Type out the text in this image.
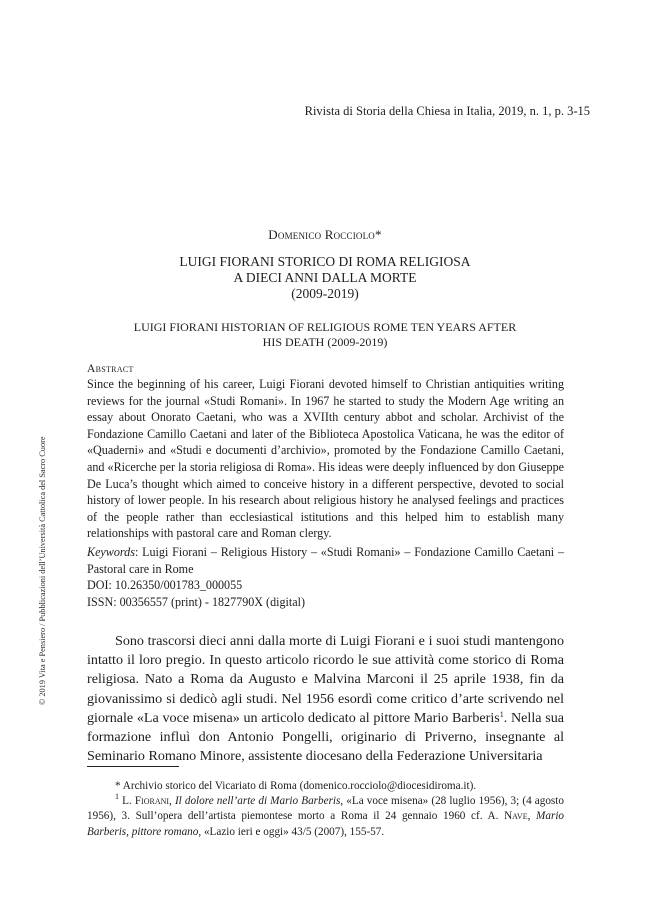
Rivista di Storia della Chiesa in Italia, 2019, n. 1, p. 3-15
Domenico Rocciolo*
LUIGI FIORANI STORICO DI ROMA RELIGIOSA
A DIECI ANNI DALLA MORTE
(2009-2019)
LUIGI FIORANI HISTORIAN OF RELIGIOUS ROME TEN YEARS AFTER
HIS DEATH (2009-2019)
Abstract
Since the beginning of his career, Luigi Fiorani devoted himself to Christian antiquities writing reviews for the journal «Studi Romani». In 1967 he started to study the Modern Age writing an essay about Onorato Caetani, who was a XVIIth century abbot and scholar. Archivist of the Fondazione Camillo Caetani and later of the Biblioteca Apostolica Vaticana, he was the editor of «Quaderni» and «Studi e documenti d’archivio», promoted by the Fondazione Camillo Caetani, and «Ricerche per la storia religiosa di Roma». His ideas were deeply influenced by don Giuseppe De Luca’s thought which aimed to conceive history in a different perspective, devoted to social history of lower people. In his research about religious history he analysed feelings and practices of the people rather than ecclesiastical istitutions and this helped him to establish many relationships with pastoral care and Roman clergy.
Keywords: Luigi Fiorani – Religious History – «Studi Romani» – Fondazione Camillo Caetani – Pastoral care in Rome
DOI: 10.26350/001783_000055
ISSN: 00356557 (print) - 1827790X (digital)
Sono trascorsi dieci anni dalla morte di Luigi Fiorani e i suoi studi mantengono intatto il loro pregio. In questo articolo ricordo le sue attività come storico di Roma religiosa. Nato a Roma da Augusto e Malvina Marconi il 25 aprile 1938, fin da giovanissimo si dedicò agli studi. Nel 1956 esordì come critico d’arte scrivendo nel giornale «La voce misena» un articolo dedicato al pittore Mario Barberis$^1$. Nella sua formazione influì don Antonio Pongelli, originario di Priverno, insegnante al Seminario Romano Minore, assistente diocesano della Federazione Universitaria

* Archivio storico del Vicariato di Roma (domenico.rocciolo@diocesidiroma.it).

$^1$ L. Fiorani, Il dolore nell’arte di Mario Barberis, «La voce misena» (28 luglio 1956), 3; (4 agosto 1956), 3. Sull’opera dell’artista piemontese morto a Roma il 24 gennaio 1960 cf. A. Nave, Mario Barberis, pittore romano, «Lazio ieri e oggi» 43/5 (2007), 155-57.

© 2019 Vita e Pensiero / Pubblicazioni dell’Università Cattolica del Sacro Cuore
